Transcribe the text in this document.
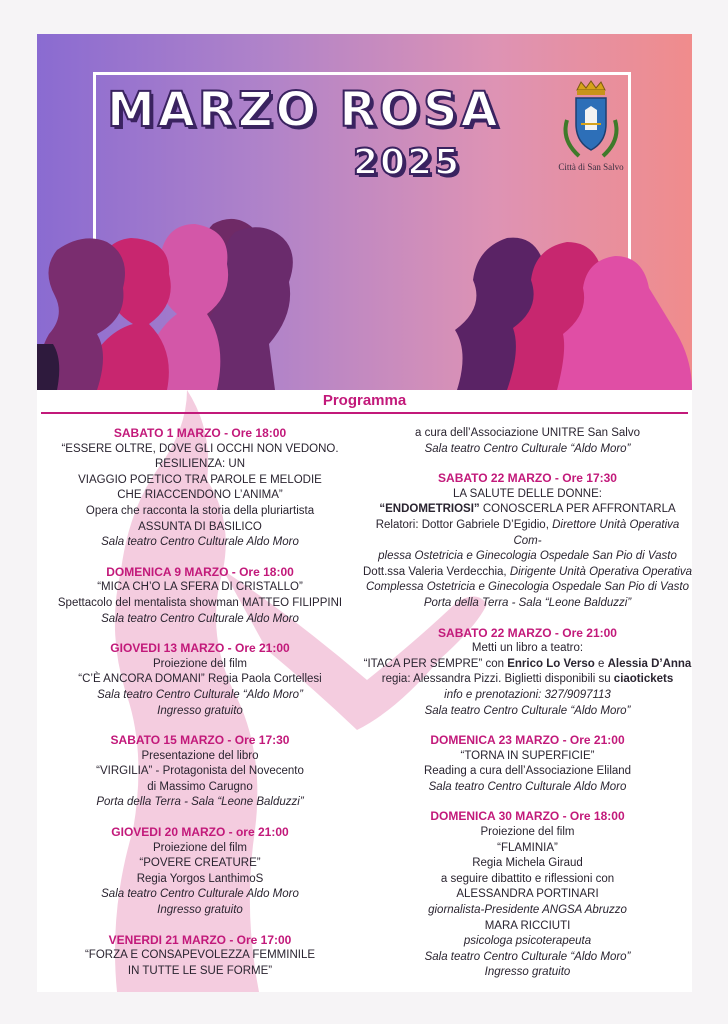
MARZO ROSA
2025	Città di San Salvo
Programma
SABATO 1 MARZO - Ore 18:00
“ESSERE OLTRE, DOVE GLI OCCHI NON VEDONO. RESILIENZA: UN
VIAGGIO POETICO TRA PAROLE E MELODIE
CHE RIACCENDONO L’ANIMA”
Opera che racconta la storia della pluriartista
ASSUNTA DI BASILICO
Sala teatro Centro Culturale Aldo Moro
DOMENICA 9 MARZO - Ore 18:00
“MICA CH’O LA SFERA DI CRISTALLO”
Spettacolo del mentalista showman MATTEO FILIPPINI
Sala teatro Centro Culturale Aldo Moro
GIOVEDI 13 MARZO - Ore 21:00
Proiezione del film
“C’È ANCORA DOMANI” Regia Paola Cortellesi
Sala teatro Centro Culturale “Aldo Moro”
Ingresso gratuito
SABATO 15 MARZO - Ore 17:30
Presentazione del libro
“VIRGILIA” - Protagonista del Novecento
di Massimo Carugno
Porta della Terra - Sala “Leone Balduzzi”
GIOVEDI 20 MARZO - ore 21:00
Proiezione del film
“POVERE CREATURE”
Regia Yorgos LanthimoS
Sala teatro Centro Culturale Aldo Moro
Ingresso gratuito
VENERDI 21 MARZO - Ore 17:00
“FORZA E CONSAPEVOLEZZA FEMMINILE
IN TUTTE LE SUE FORME”
a cura dell’Associazione UNITRE San Salvo
Sala teatro Centro Culturale “Aldo Moro”
SABATO 22 MARZO - Ore 17:30
LA SALUTE DELLE DONNE:
“ENDOMETRIOSI” CONOSCERLA PER AFFRONTARLA
Relatori: Dottor Gabriele D’Egidio, Direttore Unità Operativa Com-
plessa Ostetricia e Ginecologia Ospedale San Pio di Vasto
Dott.ssa Valeria Verdecchia, Dirigente Unità Operativa Operativa
Complessa Ostetricia e Ginecologia Ospedale San Pio di Vasto
Porta della Terra - Sala “Leone Balduzzi”
SABATO 22 MARZO - Ore 21:00
Metti un libro a teatro:
“ITACA PER SEMPRE” con Enrico Lo Verso e Alessia D’Anna
regia: Alessandra Pizzi. Biglietti disponibili su ciaotickets
info e prenotazioni: 327/9097113
Sala teatro Centro Culturale “Aldo Moro”
DOMENICA 23 MARZO - Ore 21:00
“TORNA IN SUPERFICIE”
Reading a cura dell’Associazione Eliland
Sala teatro Centro Culturale Aldo Moro
DOMENICA 30 MARZO - Ore 18:00
Proiezione del film
“FLAMINIA”
Regia Michela Giraud
a seguire dibattito e riflessioni con
ALESSANDRA PORTINARI
giornalista-Presidente ANGSA Abruzzo
MARA RICCIUTI
psicologa psicoterapeuta
Sala teatro Centro Culturale “Aldo Moro”
Ingresso gratuito
